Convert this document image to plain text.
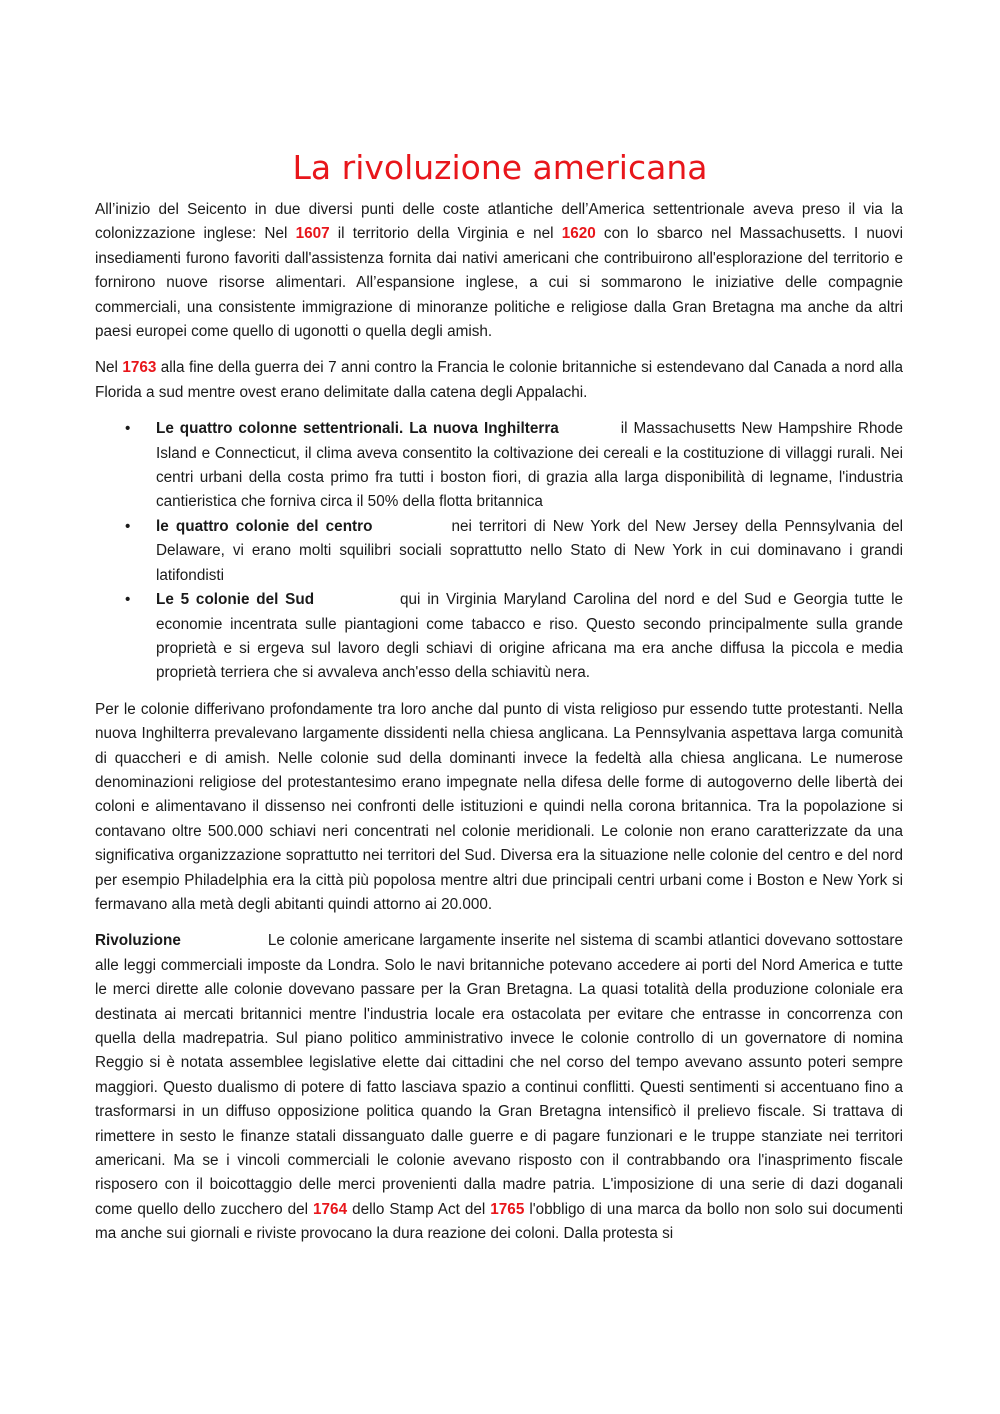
La rivoluzione americana

All’inizio del Seicento in due diversi punti delle coste atlantiche dell’America settentrionale aveva preso il via la colonizzazione inglese: Nel 1607 il territorio della Virginia e nel 1620 con lo sbarco nel Massachusetts. I nuovi insediamenti furono favoriti dall'assistenza fornita dai nativi americani che contribuirono all'esplorazione del territorio e fornirono nuove risorse alimentari. All’espansione inglese, a cui si sommarono le iniziative delle compagnie commerciali, una consistente immigrazione di minoranze politiche e religiose dalla Gran Bretagna ma anche da altri paesi europei come quello di ugonotti o quella degli amish.

Nel 1763 alla fine della guerra dei 7 anni contro la Francia le colonie britanniche si estendevano dal Canada a nord alla Florida a sud mentre ovest erano delimitate dalla catena degli Appalachi.

• Le quattro colonne settentrionali. La nuova Inghilterra	il Massachusetts New Hampshire Rhode Island e Connecticut, il clima aveva consentito la coltivazione dei cereali e la costituzione di villaggi rurali. Nei centri urbani della costa primo fra tutti i boston fiori, di grazia alla larga disponibilità di legname, l'industria cantieristica che forniva circa il 50% della flotta britannica
• le quattro colonie del centro	nei territori di New York del New Jersey della Pennsylvania del Delaware, vi erano molti squilibri sociali soprattutto nello Stato di New York in cui dominavano i grandi latifondisti
• Le 5 colonie del Sud	qui in Virginia Maryland Carolina del nord e del Sud e Georgia tutte le economie incentrata sulle piantagioni come tabacco e riso. Questo secondo principalmente sulla grande proprietà e si ergeva sul lavoro degli schiavi di origine africana ma era anche diffusa la piccola e media proprietà terriera che si avvaleva anch'esso della schiavitù nera.

Per le colonie differivano profondamente tra loro anche dal punto di vista religioso pur essendo tutte protestanti. Nella nuova Inghilterra prevalevano largamente dissidenti nella chiesa anglicana. La Pennsylvania aspettava larga comunità di quaccheri e di amish. Nelle colonie sud della dominanti invece la fedeltà alla chiesa anglicana. Le numerose denominazioni religiose del protestantesimo erano impegnate nella difesa delle forme di autogoverno delle libertà dei coloni e alimentavano il dissenso nei confronti delle istituzioni e quindi nella corona britannica. Tra la popolazione si contavano oltre 500.000 schiavi neri concentrati nel colonie meridionali. Le colonie non erano caratterizzate da una significativa organizzazione soprattutto nei territori del Sud. Diversa era la situazione nelle colonie del centro e del nord per esempio Philadelphia era la città più popolosa mentre altri due principali centri urbani come i Boston e New York si fermavano alla metà degli abitanti quindi attorno ai 20.000.

Rivoluzione	Le colonie americane largamente inserite nel sistema di scambi atlantici dovevano sottostare alle leggi commerciali imposte da Londra. Solo le navi britanniche potevano accedere ai porti del Nord America e tutte le merci dirette alle colonie dovevano passare per la Gran Bretagna. La quasi totalità della produzione coloniale era destinata ai mercati britannici mentre l'industria locale era ostacolata per evitare che entrasse in concorrenza con quella della madrepatria. Sul piano politico amministrativo invece le colonie controllo di un governatore di nomina Reggio si è notata assemblee legislative elette dai cittadini che nel corso del tempo avevano assunto poteri sempre maggiori. Questo dualismo di potere di fatto lasciava spazio a continui conflitti. Questi sentimenti si accentuano fino a trasformarsi in un diffuso opposizione politica quando la Gran Bretagna intensificò il prelievo fiscale. Si trattava di rimettere in sesto le finanze statali dissanguato dalle guerre e di pagare funzionari e le truppe stanziate nei territori americani. Ma se i vincoli commerciali le colonie avevano risposto con il contrabbando ora l'inasprimento fiscale risposero con il boicottaggio delle merci provenienti dalla madre patria. L'imposizione di una serie di dazi doganali come quello dello zucchero del 1764 dello Stamp Act del 1765 l'obbligo di una marca da bollo non solo sui documenti ma anche sui giornali e riviste provocano la dura reazione dei coloni. Dalla protesta si
